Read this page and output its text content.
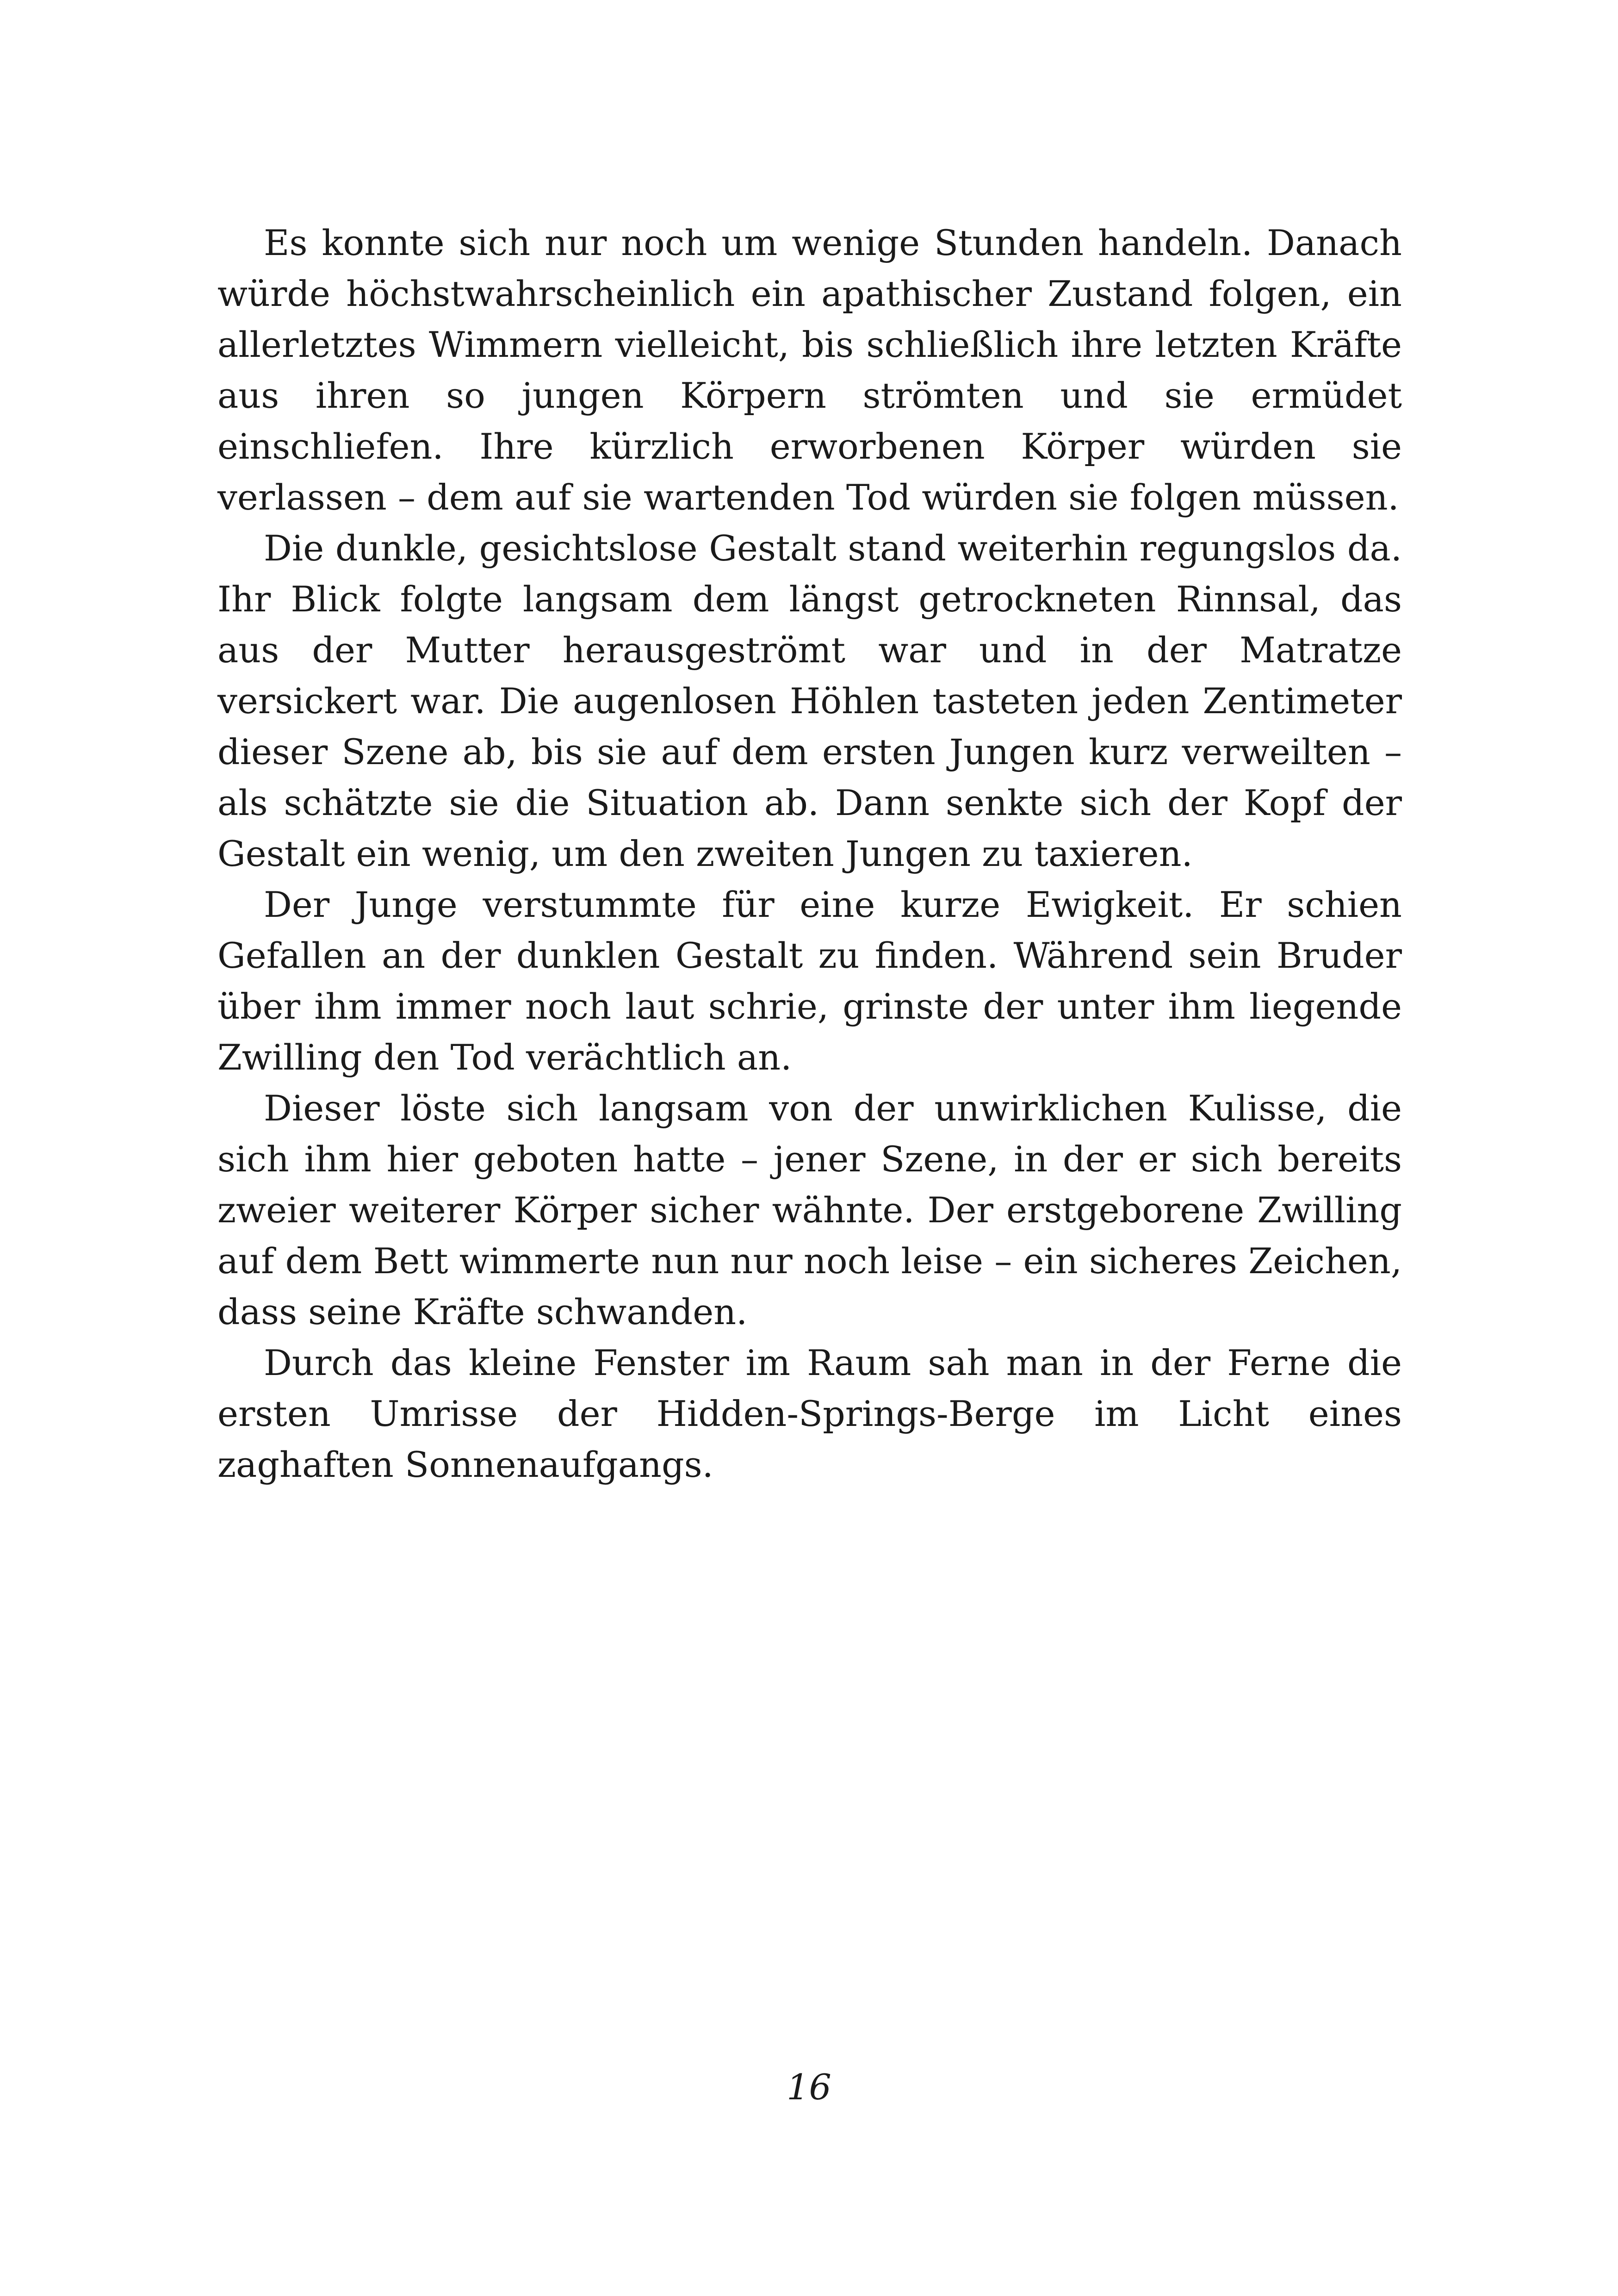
Es konnte sich nur noch um wenige Stunden handeln. Danach würde höchstwahrscheinlich ein apathischer Zustand folgen, ein allerletztes Wimmern vielleicht, bis schließlich ihre letzten Kräfte aus ihren so jungen Körpern strömten und sie ermüdet einschliefen. Ihre kürzlich erworbenen Körper würden sie verlassen – dem auf sie wartenden Tod würden sie folgen müssen.

Die dunkle, gesichtslose Gestalt stand weiterhin regungslos da. Ihr Blick folgte langsam dem längst getrockneten Rinnsal, das aus der Mutter herausgeströmt war und in der Matratze versickert war. Die augenlosen Höhlen tasteten jeden Zentimeter dieser Szene ab, bis sie auf dem ersten Jungen kurz verweilten – als schätzte sie die Situation ab. Dann senkte sich der Kopf der Gestalt ein wenig, um den zweiten Jungen zu taxieren.

Der Junge verstummte für eine kurze Ewigkeit. Er schien Gefallen an der dunklen Gestalt zu finden. Während sein Bruder über ihm immer noch laut schrie, grinste der unter ihm liegende Zwilling den Tod verächtlich an.

Dieser löste sich langsam von der unwirklichen Kulisse, die sich ihm hier geboten hatte – jener Szene, in der er sich bereits zweier weiterer Körper sicher wähnte. Der erstgeborene Zwilling auf dem Bett wimmerte nun nur noch leise – ein sicheres Zeichen, dass seine Kräfte schwanden.

Durch das kleine Fenster im Raum sah man in der Ferne die ersten Umrisse der Hidden-Springs-Berge im Licht eines zaghaften Sonnenaufgangs.

16
